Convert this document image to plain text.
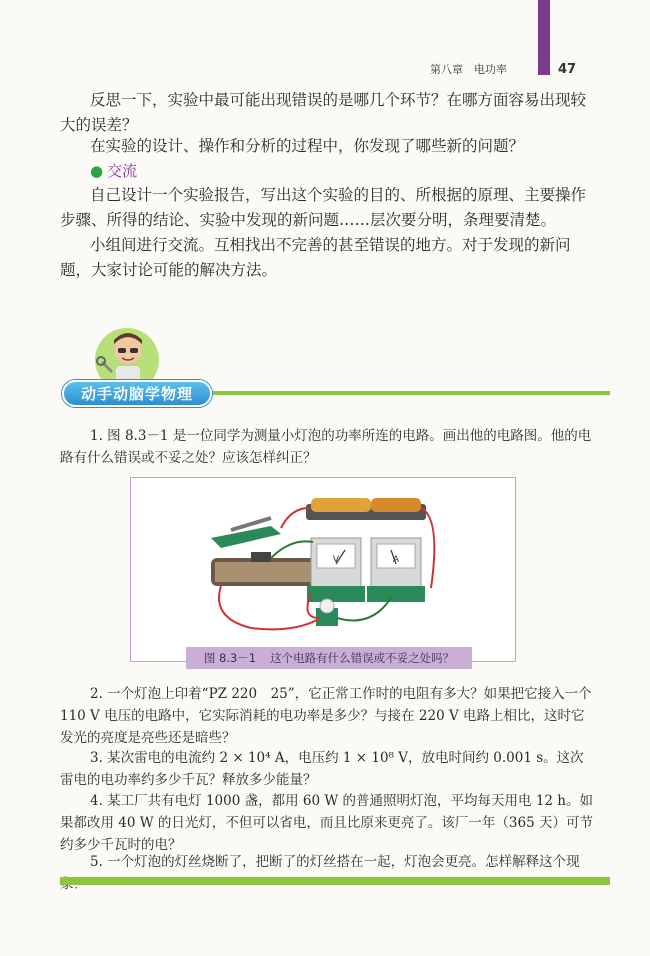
第八章　电功率	47

反思一下，实验中最可能出现错误的是哪几个环节？在哪方面容易出现较大的误差？

在实验的设计、操作和分析的过程中，你发现了哪些新的问题？

● 交流

自己设计一个实验报告，写出这个实验的目的、所根据的原理、主要操作步骤、所得的结论、实验中发现的新问题……层次要分明，条理要清楚。

小组间进行交流。互相找出不完善的甚至错误的地方。对于发现的新问题，大家讨论可能的解决方法。

动手动脑学物理

1. 图 8.3－1 是一位同学为测量小灯泡的功率所连的电路。画出他的电路图。他的电路有什么错误或不妥之处？应该怎样纠正？

V	A
图 8.3－1 这个电路有什么错误或不妥之处吗？

2. 一个灯泡上印着“PZ 220　25”，它正常工作时的电阻有多大？如果把它接入一个 110 V 电压的电路中，它实际消耗的电功率是多少？与接在 220 V 电路上相比，这时它发光的亮度是亮些还是暗些？

3. 某次雷电的电流约 2 × 10⁴ A，电压约 1 × 10⁸ V，放电时间约 0.001 s。这次雷电的电功率约多少千瓦？释放多少能量？

4. 某工厂共有电灯 1000 盏，都用 60 W 的普通照明灯泡，平均每天用电 12 h。如果都改用 40 W 的日光灯，不但可以省电，而且比原来更亮了。该厂一年（365 天）可节约多少千瓦时的电？

5. 一个灯泡的灯丝烧断了，把断了的灯丝搭在一起，灯泡会更亮。怎样解释这个现
